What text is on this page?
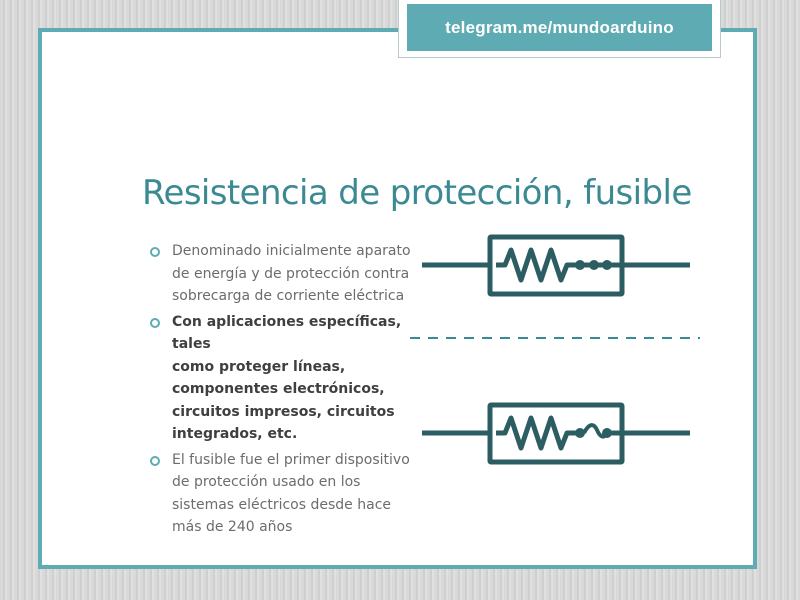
Resistencia de protección, fusible
Denominado inicialmente aparato
de energía y de protección contra
sobrecarga de corriente eléctrica
Con aplicaciones específicas, tales
como proteger líneas,
componentes electrónicos,
circuitos impresos, circuitos
integrados, etc.
El fusible fue el primer dispositivo
de protección usado en los
sistemas eléctricos desde hace
más de 240 años
telegram.me/mundoarduino
